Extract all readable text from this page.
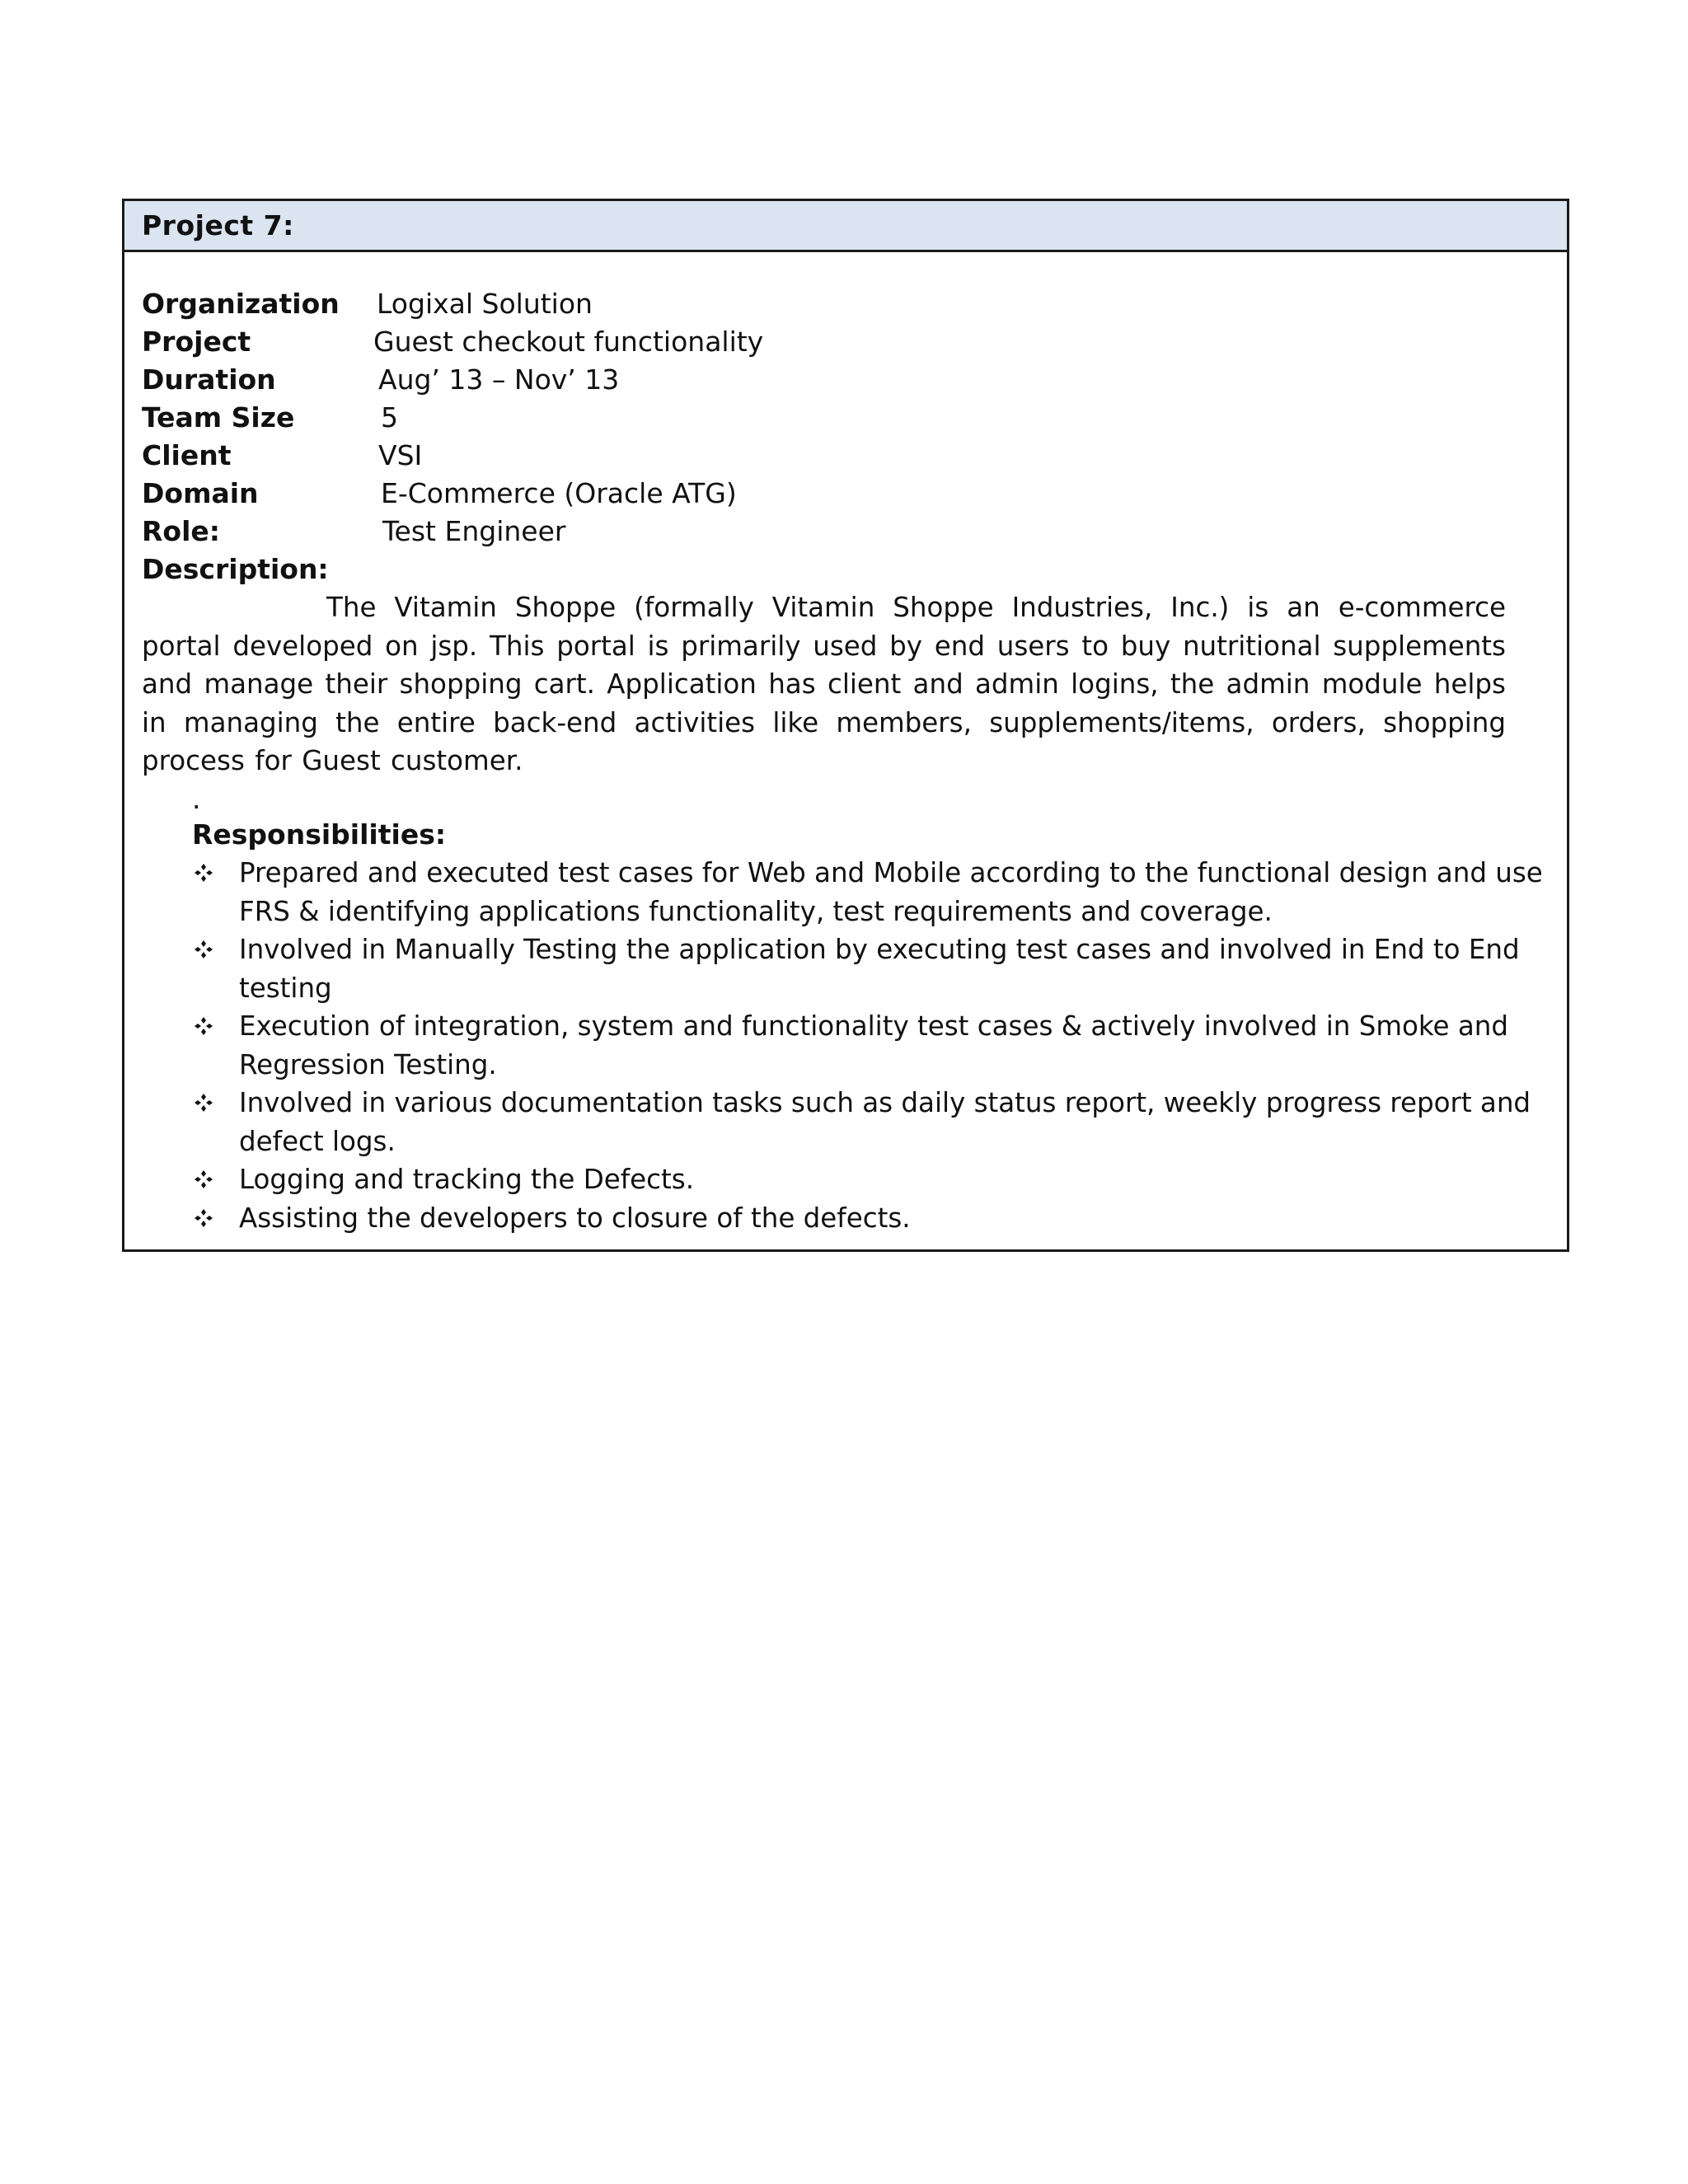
Project 7:
Organization Logixal Solution
Project	Guest checkout functionality
Duration	Aug’ 13 – Nov’ 13
Team Size	5
Client	VSI
Domain	E-Commerce (Oracle ATG)
Role:	Test Engineer
Description:
The Vitamin Shoppe (formally Vitamin Shoppe Industries, Inc.) is an e-commerce portal developed on jsp. This portal is primarily used by end users to buy nutritional supplements and manage their shopping cart. Application has client and admin logins, the admin module helps in managing the entire back-end activities like members, supplements/items, orders, shopping process for Guest customer.
.
Responsibilities:
Prepared and executed test cases for Web and Mobile according to the functional design and use FRS & identifying applications functionality, test requirements and coverage.
Involved in Manually Testing the application by executing test cases and involved in End to End testing
Execution of integration, system and functionality test cases & actively involved in Smoke and Regression Testing.
Involved in various documentation tasks such as daily status report, weekly progress report and defect logs.
Logging and tracking the Defects.
Assisting the developers to closure of the defects.
